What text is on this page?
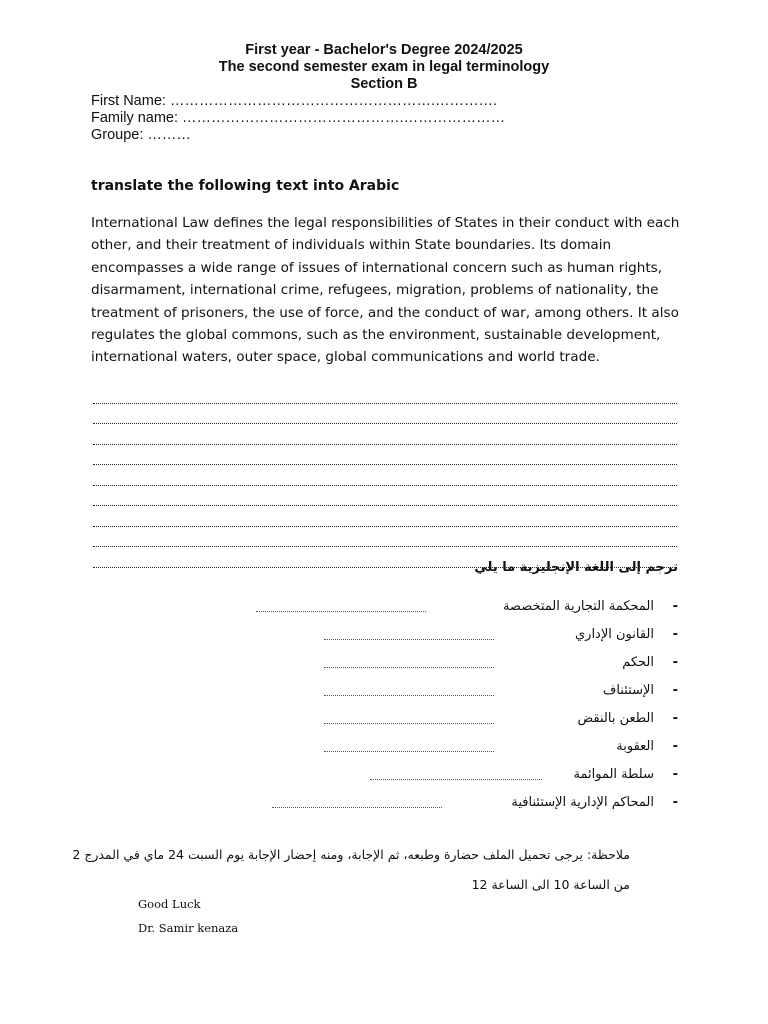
First year - Bachelor's Degree 2024/2025
The second semester exam in legal terminology
Section B
First Name: ……………………………………………….………….
Family name: ……………………………………….…………………
Groupe: ………
translate the following text into Arabic
International Law defines the legal responsibilities of States in their conduct with each other, and their treatment of individuals within State boundaries. Its domain encompasses a wide range of issues of international concern such as human rights, disarmament, international crime, refugees, migration, problems of nationality, the treatment of prisoners, the use of force, and the conduct of war, among others. It also regulates the global commons, such as the environment, sustainable development, international waters, outer space, global communications and world trade.
ترجم إلى اللغة الإنجليزية ما يلي
-
المحكمة التجارية المتخصصة
-
القانون الإداري
-
الحكم
-
الإستئناف
-
الطعن بالنقض
-
العقوبة
-
سلطة الموائمة
-
المحاكم الإدارية الإستئنافية
ملاحظة: يرجى تحميل الملف حضارة وطبعه، ثم الإجابة، ومنه إحضار الإجابة يوم السبت 24 ماي في المدرج 2
من الساعة 10 الى الساعة 12
Good Luck
Dr. Samir kenaza
